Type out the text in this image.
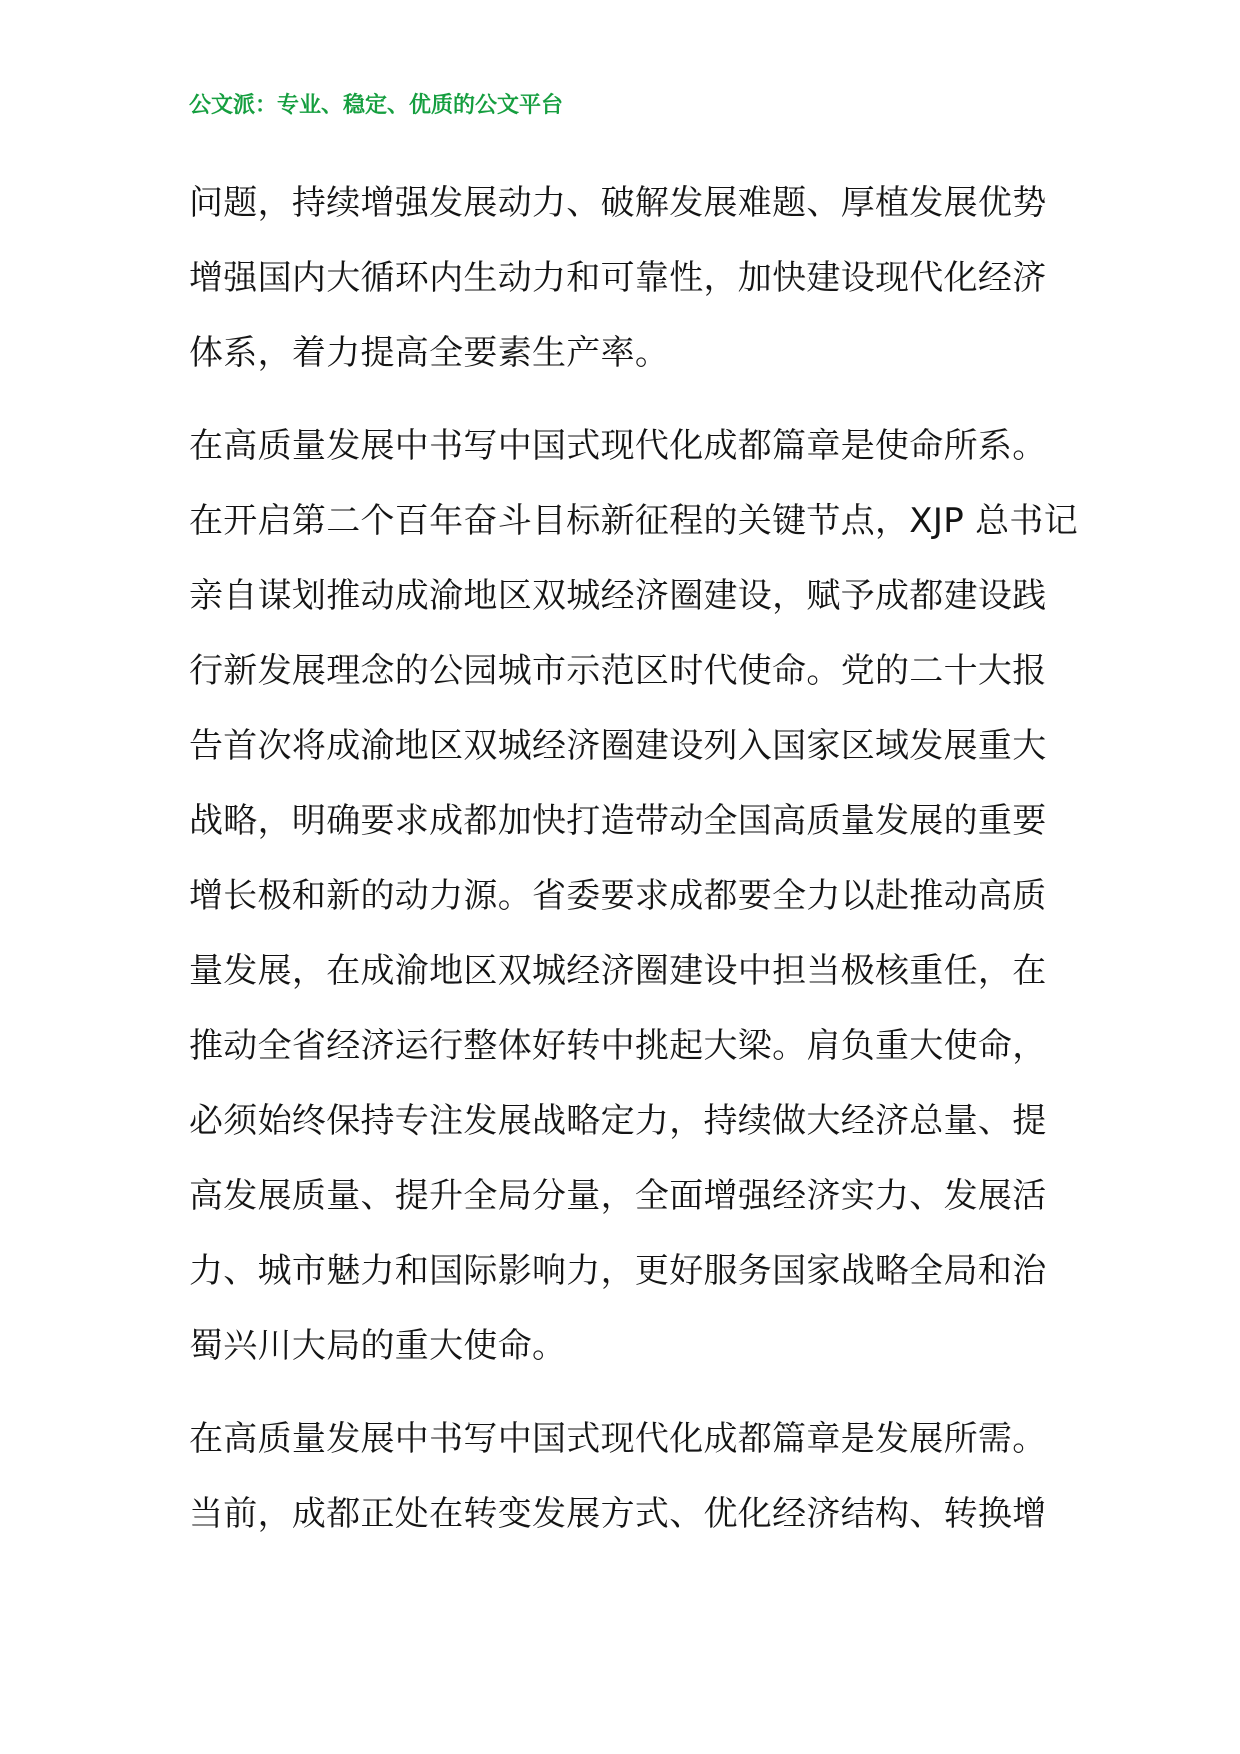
公文派：专业、稳定、优质的公文平台
问题，持续增强发展动力、破解发展难题、厚植发展优势
增强国内大循环内生动力和可靠性，加快建设现代化经济
体系，着力提高全要素生产率。
在高质量发展中书写中国式现代化成都篇章是使命所系。
在开启第二个百年奋斗目标新征程的关键节点，XJP 总书记
亲自谋划推动成渝地区双城经济圈建设，赋予成都建设践
行新发展理念的公园城市示范区时代使命。党的二十大报
告首次将成渝地区双城经济圈建设列入国家区域发展重大
战略，明确要求成都加快打造带动全国高质量发展的重要
增长极和新的动力源。省委要求成都要全力以赴推动高质
量发展，在成渝地区双城经济圈建设中担当极核重任，在
推动全省经济运行整体好转中挑起大梁。肩负重大使命，
必须始终保持专注发展战略定力，持续做大经济总量、提
高发展质量、提升全局分量，全面增强经济实力、发展活
力、城市魅力和国际影响力，更好服务国家战略全局和治
蜀兴川大局的重大使命。
在高质量发展中书写中国式现代化成都篇章是发展所需。
当前，成都正处在转变发展方式、优化经济结构、转换增
